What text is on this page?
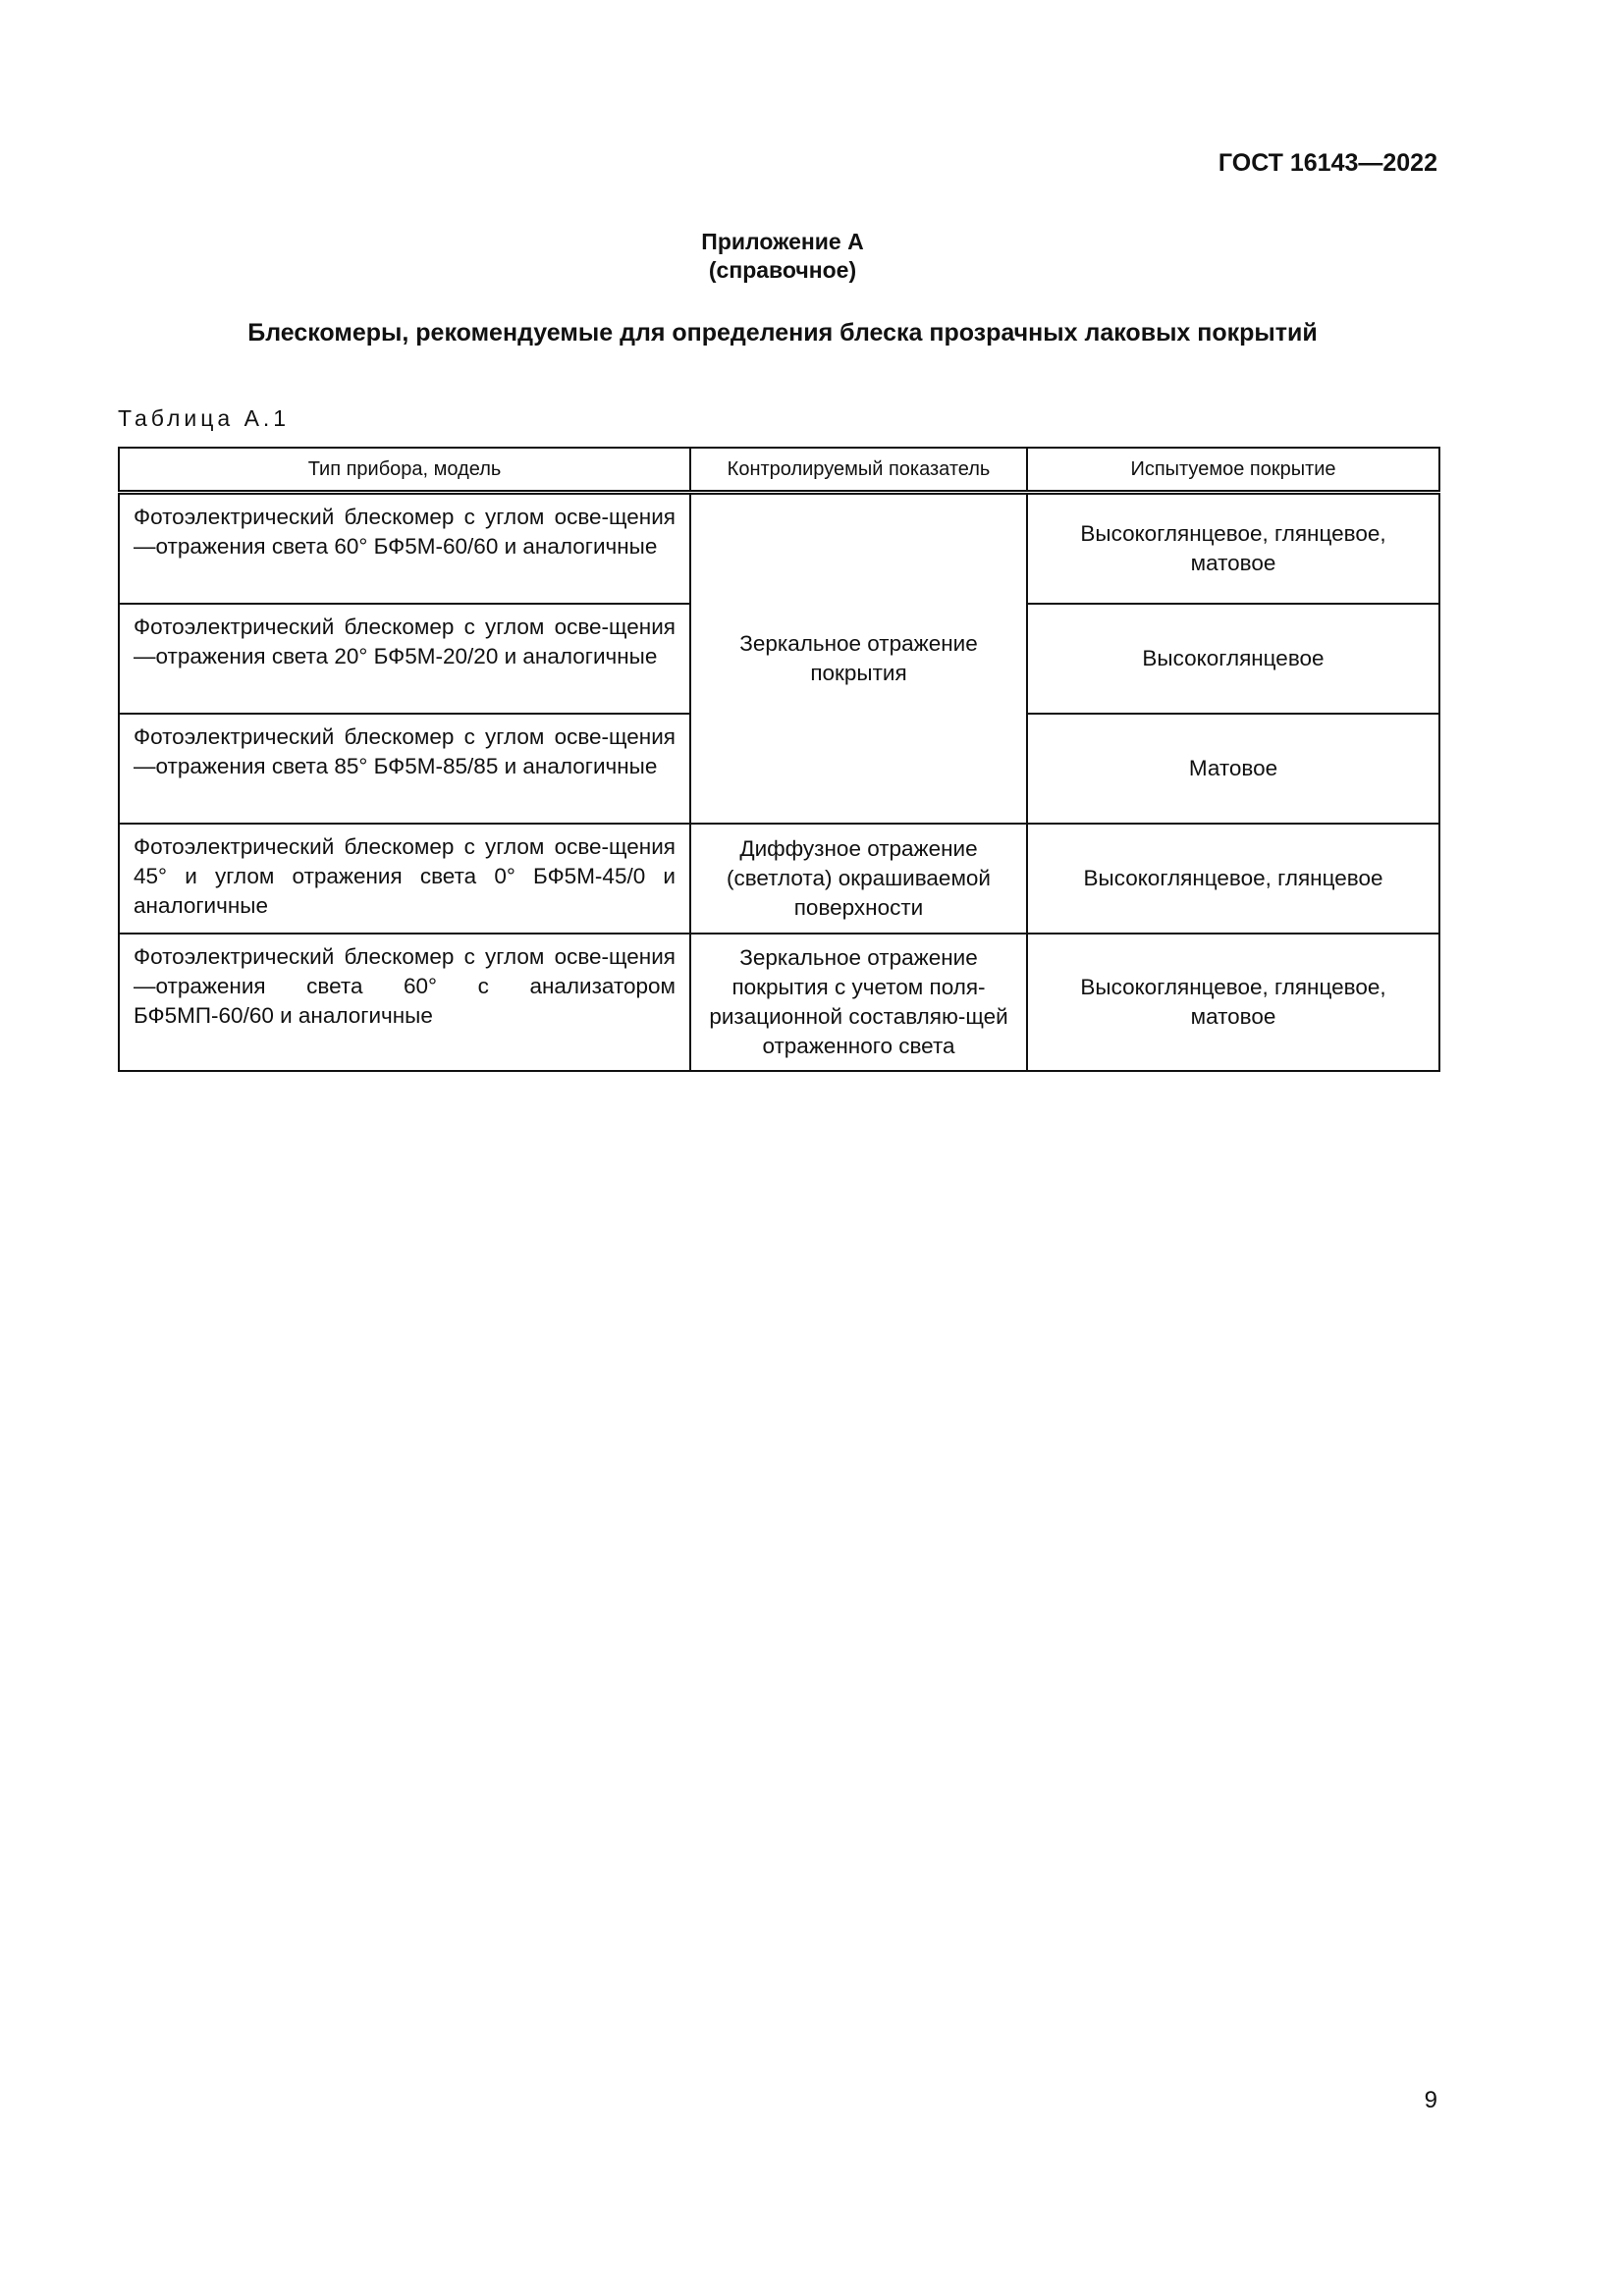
ГОСТ 16143—2022
Приложение А
(справочное)
Блескомеры, рекомендуемые для определения блеска прозрачных лаковых покрытий
Таблица А.1
Тип прибора, модель	Контролируемый показатель	Испытуемое покрытие
Фотоэлектрический блескомер с углом осве-щения—отражения света 60° БФ5М-60/60 и аналогичные	Зеркальное отражение покрытия	Высокоглянцевое, глянцевое, матовое
Фотоэлектрический блескомер с углом осве-щения—отражения света 20° БФ5М-20/20 и аналогичные		Высокоглянцевое
Фотоэлектрический блескомер с углом осве-щения—отражения света 85° БФ5М-85/85 и аналогичные		Матовое
Фотоэлектрический блескомер с углом осве-щения 45° и углом отражения света 0° БФ5М-45/0 и аналогичные	Диффузное отражение (светлота) окрашиваемой поверхности	Высокоглянцевое, глянцевое
Фотоэлектрический блескомер с углом осве-щения—отражения света 60° с анализатором БФ5МП-60/60 и аналогичные	Зеркальное отражение покрытия с учетом поля-ризационной составляю-щей отраженного света	Высокоглянцевое, глянцевое, матовое
9
